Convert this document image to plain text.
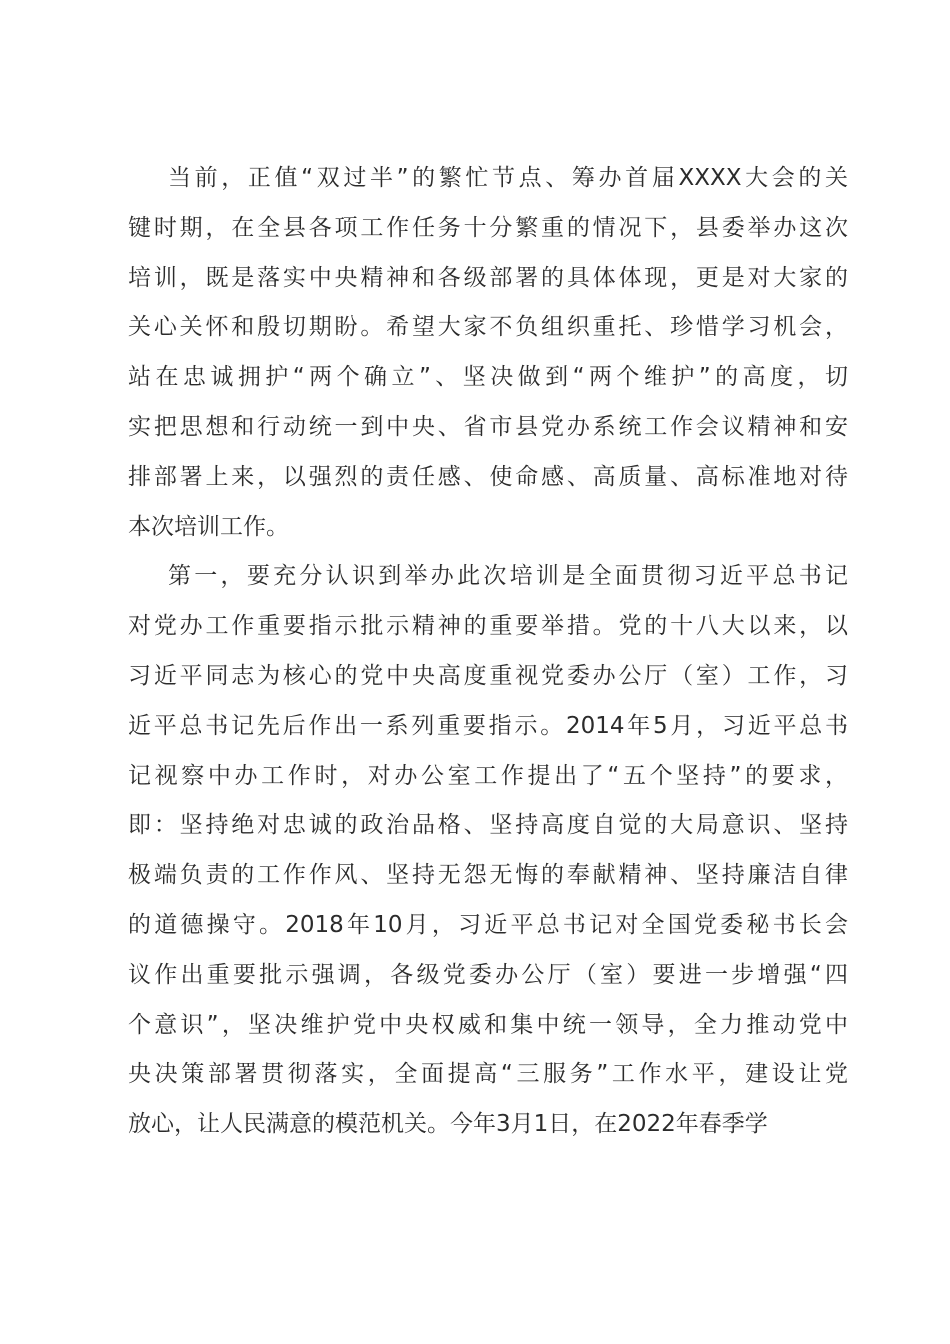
当前，正值“双过半”的繁忙节点、筹办首届XXXX大会的关
键时期，在全县各项工作任务十分繁重的情况下，县委举办这次
培训，既是落实中央精神和各级部署的具体体现，更是对大家的
关心关怀和殷切期盼。希望大家不负组织重托、珍惜学习机会，
站在忠诚拥护“两个确立”、坚决做到“两个维护”的高度，切
实把思想和行动统一到中央、省市县党办系统工作会议精神和安
排部署上来，以强烈的责任感、使命感、高质量、高标准地对待
本次培训工作。
第一，要充分认识到举办此次培训是全面贯彻习近平总书记
对党办工作重要指示批示精神的重要举措。党的十八大以来，以
习近平同志为核心的党中央高度重视党委办公厅（室）工作，习
近平总书记先后作出一系列重要指示。2014年5月，习近平总书
记视察中办工作时，对办公室工作提出了“五个坚持”的要求，
即：坚持绝对忠诚的政治品格、坚持高度自觉的大局意识、坚持
极端负责的工作作风、坚持无怨无悔的奉献精神、坚持廉洁自律
的道德操守。2018年10月，习近平总书记对全国党委秘书长会
议作出重要批示强调，各级党委办公厅（室）要进一步增强“四
个意识”，坚决维护党中央权威和集中统一领导，全力推动党中
央决策部署贯彻落实，全面提高“三服务”工作水平，建设让党
放心，让人民满意的模范机关。今年3月1日，在2022年春季学
